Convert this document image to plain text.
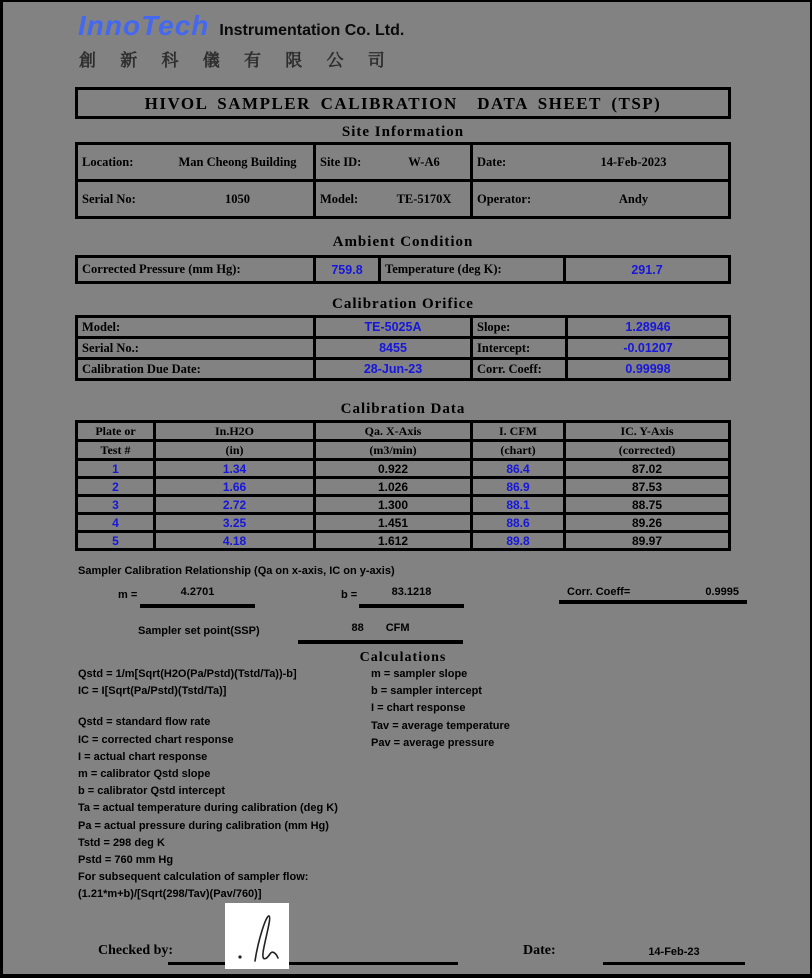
InnoTech Instrumentation Co. Ltd.
創 新 科 儀 有 限 公 司
HIVOL SAMPLER CALIBRATION  DATA SHEET (TSP)
Site Information
Location: Man Cheong Building	Site ID: W-A6	Date: 14-Feb-2023

Serial No: 1050	Model: TE-5170X	Operator: Andy
Ambient Condition
Corrected Pressure (mm Hg):	759.8	Temperature (deg K):	291.7
Calibration Orifice
Model:	TE-5025A	Slope:	1.28946
Serial No.:	8455	Intercept:	-0.01207
Calibration Due Date:	28-Jun-23	Corr. Coeff:	0.99998
Calibration Data
Plate or	In.H2O	Qa. X-Axis	I. CFM	IC. Y-Axis
Test #	(in)	(m3/min)	(chart)	(corrected)
1	1.34	0.922	86.4	87.02
2	1.66	1.026	86.9	87.53
3	2.72	1.300	88.1	88.75
4	3.25	1.451	88.6	89.26
5	4.18	1.612	89.8	89.97
Sampler Calibration Relationship (Qa on x-axis, IC on y-axis)
m =	4.2701	b =	83.1218	Corr. Coeff=	0.9995
Sampler set point(SSP)	88 CFM
Calculations
Qstd = 1/m[Sqrt(H2O(Pa/Pstd)(Tstd/Ta))-b]
IC = I[Sqrt(Pa/Pstd)(Tstd/Ta)]
Qstd = standard flow rate
IC = corrected chart response
I = actual chart response
m = calibrator Qstd slope
b = calibrator Qstd intercept
Ta = actual temperature during calibration (deg K)
Pa = actual pressure during calibration (mm Hg)
Tstd = 298 deg K
Pstd = 760 mm Hg
For subsequent calculation of sampler flow:
(1.21*m+b)/[Sqrt(298/Tav)(Pav/760)]
m = sampler slope
b = sampler intercept
I = chart response
Tav = average temperature
Pav = average pressure
Checked by:	Date:	14-Feb-23
